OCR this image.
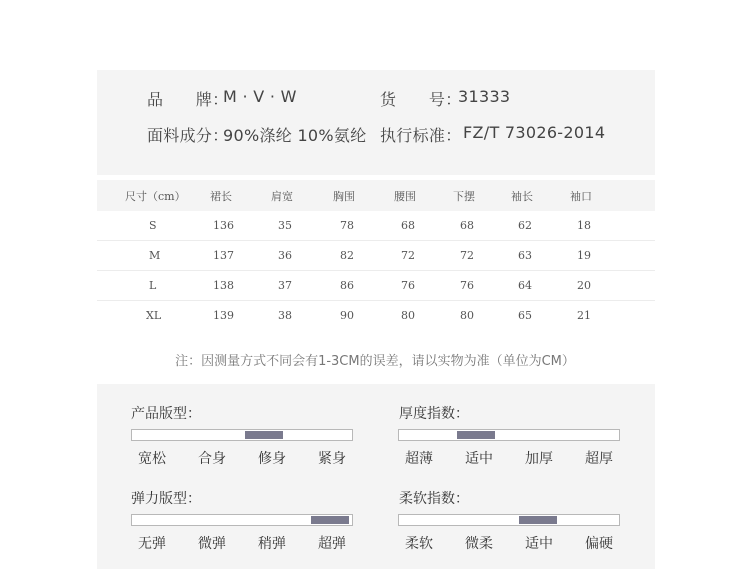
品　　牌：
M · V · W	货　　号：
31333
面料成分：
90%涤纶 10%氨纶 执行标准： FZ/T 73026-2014
	尺寸（cm）	裙长	肩宽	胸围	腰围	下摆	袖长	袖口
	S	136	35	78	68	68	62	18
	M	137	36	82	72	72	63	19
	L	138	37	86	76	76	64	20
	XL	139	38	90	80	80	65	21
注：因测量方式不同会有1-3CM的误差，请以实物为准（单位为CM）
产品版型：
宽松 合身 修身 紧身
厚度指数：
超薄 适中 加厚 超厚
弹力版型：
无弹 微弹 稍弹 超弹
柔软指数：
柔软 微柔 适中 偏硬
